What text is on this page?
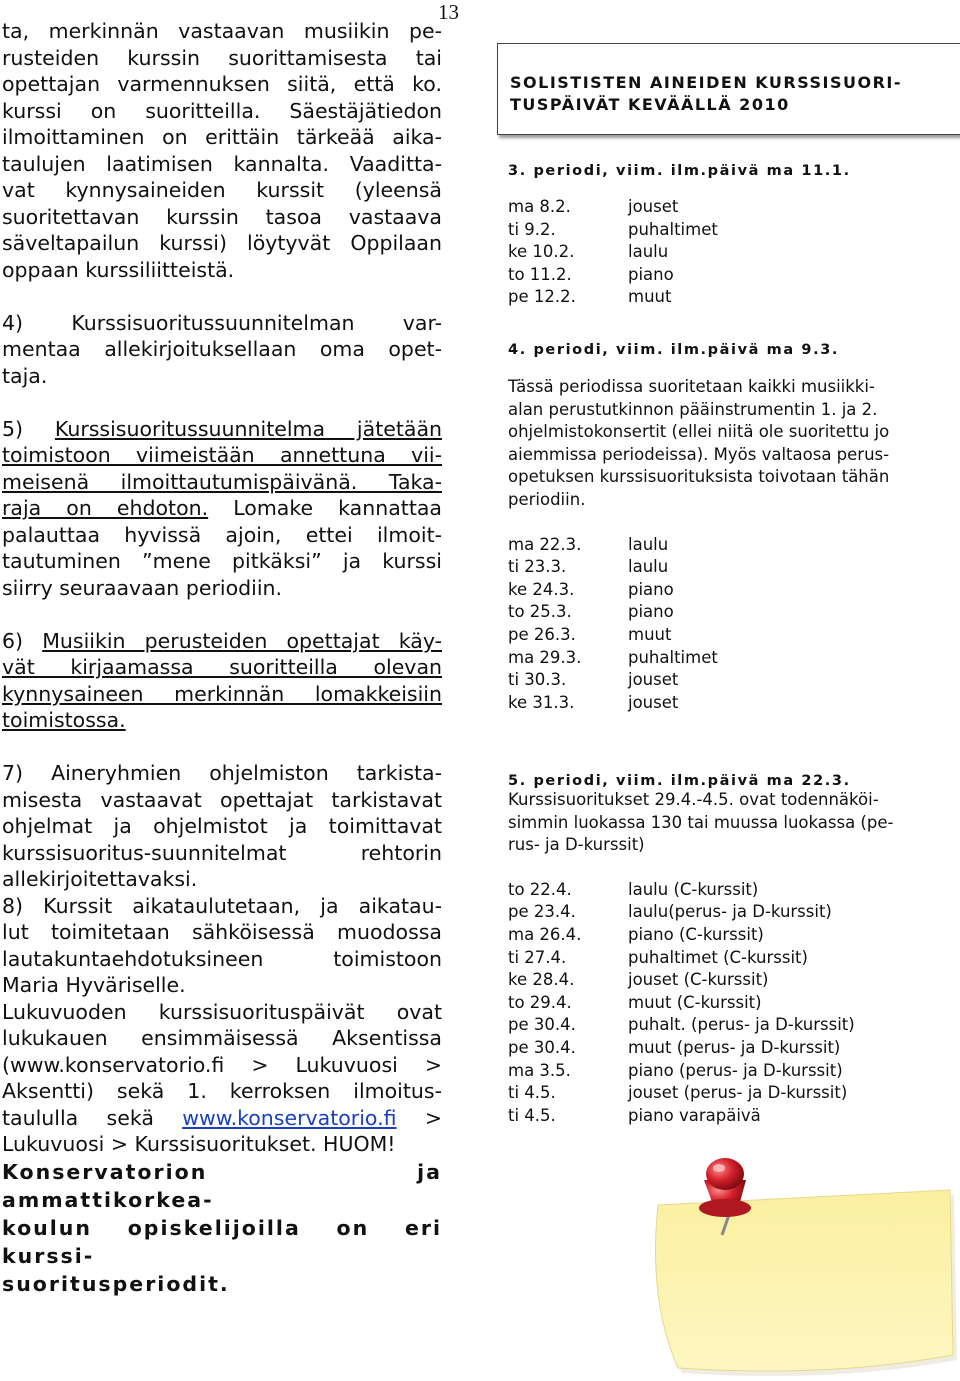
13

ta, merkinnän vastaavan musiikin pe-

rusteiden kurssin suorittamisesta tai

opettajan varmennuksen siitä, että ko.

kurssi on suoritteilla. Säestäjätiedon

ilmoittaminen on erittäin tärkeää aika-

taulujen laatimisen kannalta. Vaaditta-

vat kynnysaineiden kurssit (yleensä

suoritettavan kurssin tasoa vastaava

säveltapailun kurssi) löytyvät Oppilaan

oppaan kurssiliitteistä.

4) Kurssisuoritussuunnitelman var-

mentaa allekirjoituksellaan oma opet-

taja.

5) Kurssisuoritussuunnitelma jätetään

toimistoon viimeistään annettuna vii-

meisenä ilmoittautumispäivänä. Taka-

raja on ehdoton. Lomake kannattaa

palauttaa hyvissä ajoin, ettei ilmoit-

tautuminen ”mene pitkäksi” ja kurssi

siirry seuraavaan periodiin.

6) Musiikin perusteiden opettajat käy-

vät kirjaamassa suoritteilla olevan

kynnysaineen merkinnän lomakkeisiin

toimistossa.

7) Aineryhmien ohjelmiston tarkista-

misesta vastaavat opettajat tarkistavat

ohjelmat ja ohjelmistot ja toimittavat

kurssisuoritus-suunnitelmat rehtorin

allekirjoitettavaksi.

8) Kurssit aikataulutetaan, ja aikatau-

lut toimitetaan sähköisessä muodossa

lautakuntaehdotuksineen toimistoon

Maria Hyväriselle.

Lukuvuoden kurssisuorituspäivät ovat

lukukauen ensimmäisessä Aksentissa

(www.konservatorio.fi > Lukuvuosi >

Aksentti) sekä 1. kerroksen ilmoitus-

taululla sekä www.konservatorio.fi >

Lukuvuosi > Kurssisuoritukset. HUOM!

Konservatorion ja ammattikorkea-

koulun opiskelijoilla on eri kurssi-

suoritusperiodit.

SOLISTISTEN AINEIDEN KURSSISUORI-
TUSPÄIVÄT KEVÄÄLLÄ 2010
3. periodi, viim. ilm.päivä ma 11.1.
ma 8.2.	jouset
ti 9.2.	puhaltimet
ke 10.2.	laulu
to 11.2.	piano
pe 12.2.	muut
4. periodi, viim. ilm.päivä ma 9.3.
Tässä periodissa suoritetaan kaikki musiikki-
alan perustutkinnon pääinstrumentin 1. ja 2.
ohjelmistokonsertit (ellei niitä ole suoritettu jo
aiemmissa periodeissa). Myös valtaosa perus-
opetuksen kurssisuorituksista toivotaan tähän
periodiin.
ma 22.3.	laulu
ti 23.3.	laulu
ke 24.3.	piano
to 25.3.	piano
pe 26.3.	muut
ma 29.3.	puhaltimet
ti 30.3.	jouset
ke 31.3.	jouset
5. periodi, viim. ilm.päivä ma 22.3.
Kurssisuoritukset 29.4.-4.5. ovat todennäköi-
simmin luokassa 130 tai muussa luokassa (pe-
rus- ja D-kurssit)
to 22.4.	laulu (C-kurssit)
pe 23.4.	laulu(perus- ja D-kurssit)
ma 26.4.	piano (C-kurssit)
ti 27.4.	puhaltimet (C-kurssit)
ke 28.4.	jouset (C-kurssit)
to 29.4.	muut (C-kurssit)
pe 30.4.	puhalt. (perus- ja D-kurssit)
pe 30.4.	muut (perus- ja D-kurssit)
ma 3.5.	piano (perus- ja D-kurssit)
ti 4.5.	jouset (perus- ja D-kurssit)
ti 4.5.	piano varapäivä
